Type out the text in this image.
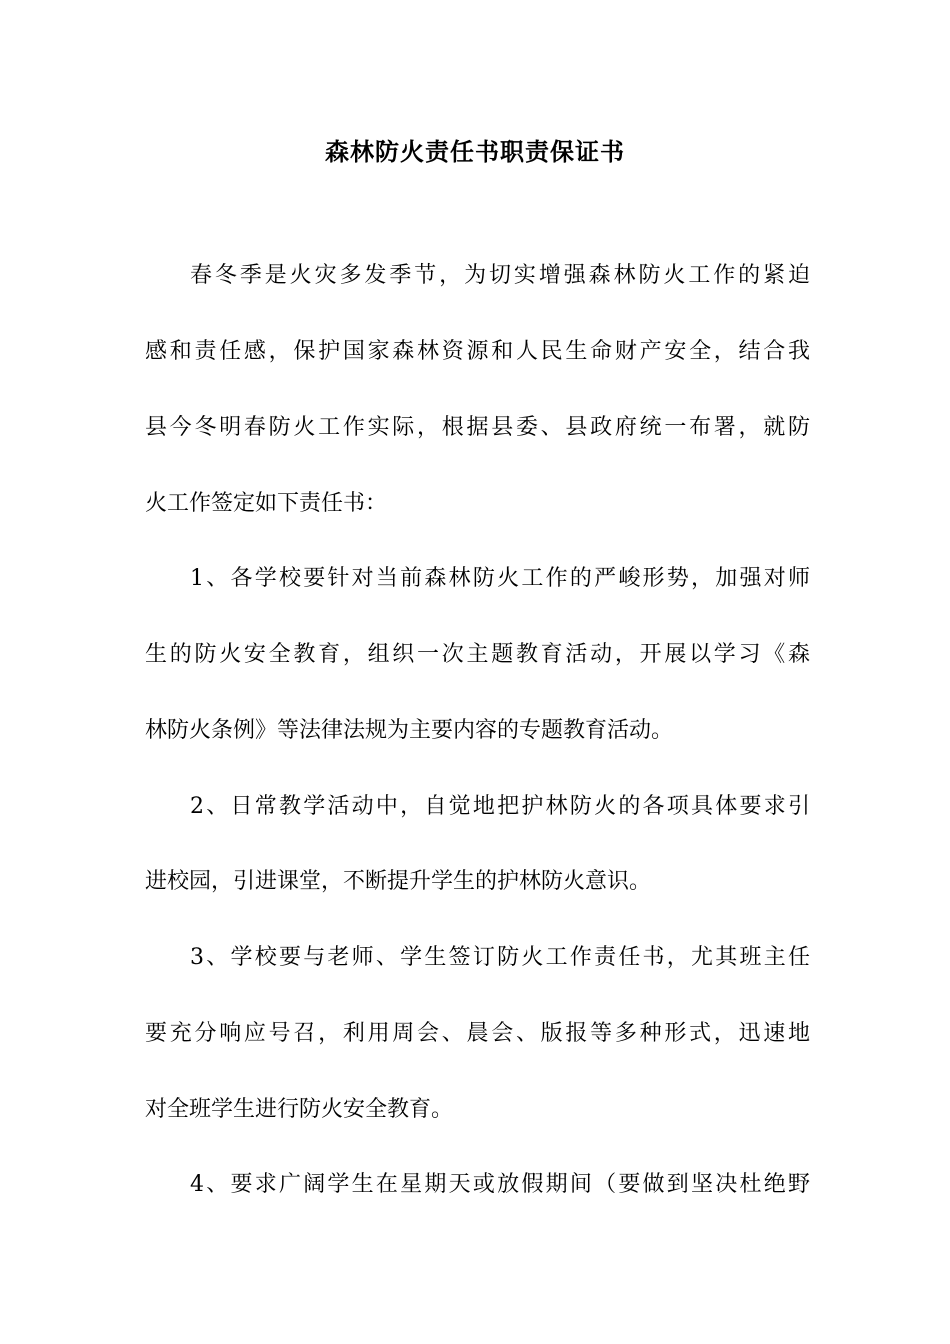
森林防火责任书职责保证书
春冬季是火灾多发季节，为切实增强森林防火工作的紧迫
感和责任感，保护国家森林资源和人民生命财产安全，结合我
县今冬明春防火工作实际，根据县委、县政府统一布署，就防
火工作签定如下责任书：
1、各学校要针对当前森林防火工作的严峻形势，加强对师
生的防火安全教育，组织一次主题教育活动，开展以学习《森
林防火条例》等法律法规为主要内容的专题教育活动。
2、日常教学活动中，自觉地把护林防火的各项具体要求引
进校园，引进课堂，不断提升学生的护林防火意识。
3、学校要与老师、学生签订防火工作责任书，尤其班主任
要充分响应号召，利用周会、晨会、版报等多种形式，迅速地
对全班学生进行防火安全教育。
4、要求广阔学生在星期天或放假期间（要做到坚决杜绝野
